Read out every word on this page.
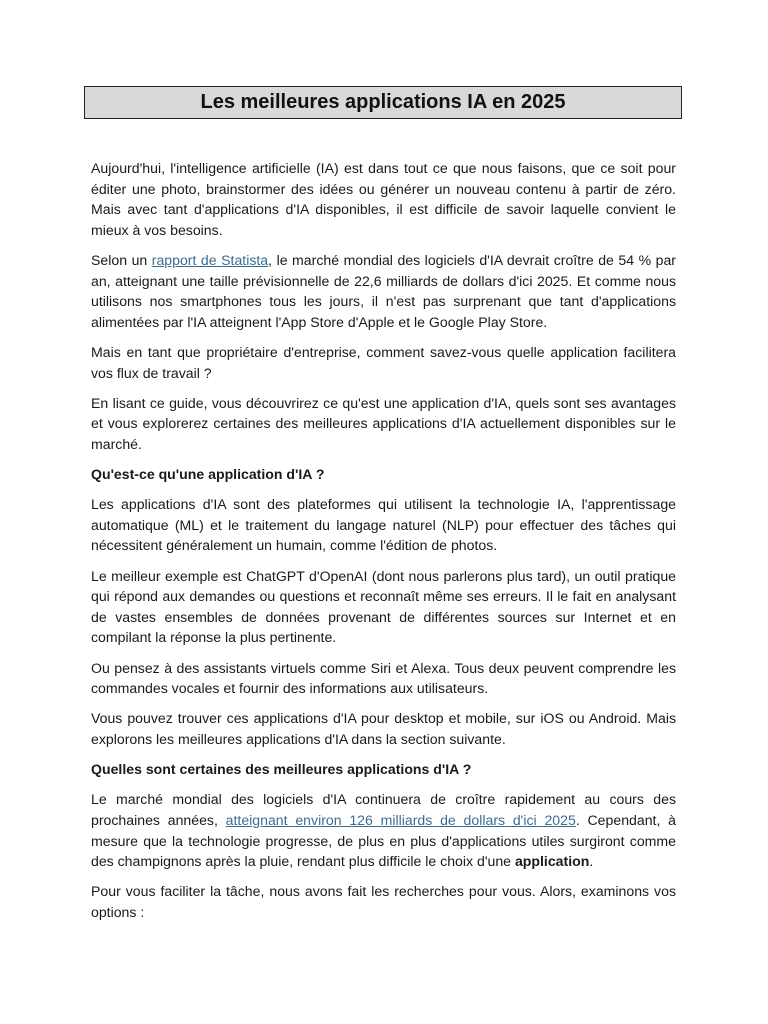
Les meilleures applications IA en 2025

Aujourd'hui, l'intelligence artificielle (IA) est dans tout ce que nous faisons, que ce soit pour éditer une photo, brainstormer des idées ou générer un nouveau contenu à partir de zéro. Mais avec tant d'applications d'IA disponibles, il est difficile de savoir laquelle convient le mieux à vos besoins.

Selon un rapport de Statista, le marché mondial des logiciels d'IA devrait croître de 54 % par an, atteignant une taille prévisionnelle de 22,6 milliards de dollars d'ici 2025. Et comme nous utilisons nos smartphones tous les jours, il n'est pas surprenant que tant d'applications alimentées par l'IA atteignent l'App Store d'Apple et le Google Play Store.

Mais en tant que propriétaire d'entreprise, comment savez-vous quelle application facilitera vos flux de travail ?

En lisant ce guide, vous découvrirez ce qu'est une application d'IA, quels sont ses avantages et vous explorerez certaines des meilleures applications d'IA actuellement disponibles sur le marché.

Qu'est-ce qu'une application d'IA ?

Les applications d'IA sont des plateformes qui utilisent la technologie IA, l'apprentissage automatique (ML) et le traitement du langage naturel (NLP) pour effectuer des tâches qui nécessitent généralement un humain, comme l'édition de photos.

Le meilleur exemple est ChatGPT d'OpenAI (dont nous parlerons plus tard), un outil pratique qui répond aux demandes ou questions et reconnaît même ses erreurs. Il le fait en analysant de vastes ensembles de données provenant de différentes sources sur Internet et en compilant la réponse la plus pertinente.

Ou pensez à des assistants virtuels comme Siri et Alexa. Tous deux peuvent comprendre les commandes vocales et fournir des informations aux utilisateurs.

Vous pouvez trouver ces applications d'IA pour desktop et mobile, sur iOS ou Android. Mais explorons les meilleures applications d'IA dans la section suivante.

Quelles sont certaines des meilleures applications d'IA ?

Le marché mondial des logiciels d'IA continuera de croître rapidement au cours des prochaines années, atteignant environ 126 milliards de dollars d'ici 2025. Cependant, à mesure que la technologie progresse, de plus en plus d'applications utiles surgiront comme des champignons après la pluie, rendant plus difficile le choix d'une application.

Pour vous faciliter la tâche, nous avons fait les recherches pour vous. Alors, examinons vos options :
